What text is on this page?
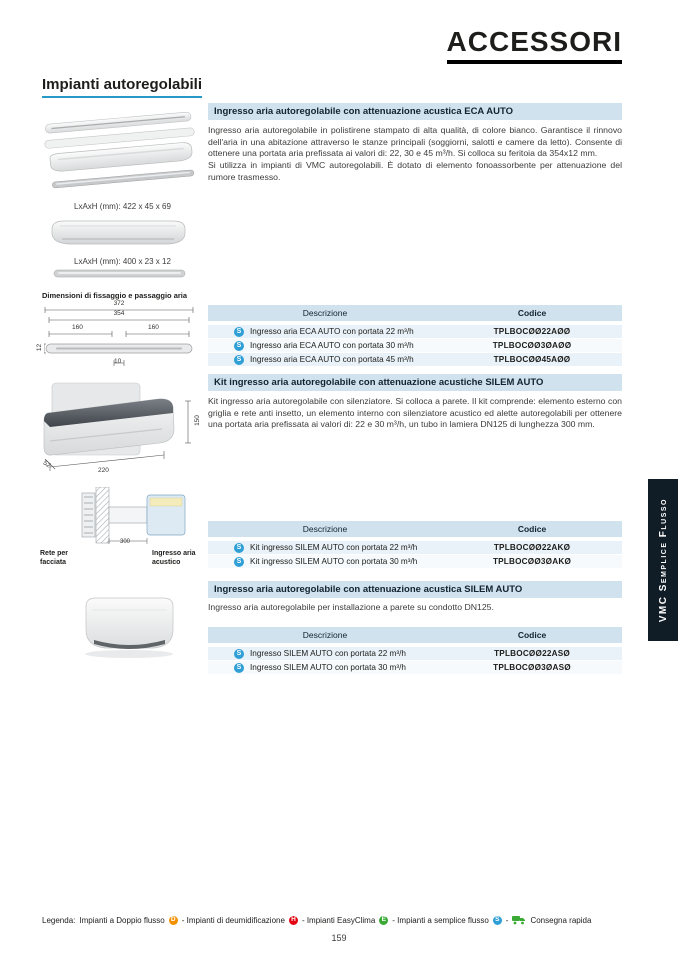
ACCESSORI
Impianti autoregolabili
Ingresso aria autoregolabile con attenuazione acustica ECA AUTO

Ingresso aria autoregolabile in polistirene stampato di alta qualità, di colore bianco. Garantisce il rinnovo dell'aria in una abitazione attraverso le stanze principali (soggiorni, salotti e camere da letto). Consente di ottenere una portata aria prefissata ai valori di: 22, 30 e 45 m³/h. Si colloca su feritoia da 354x12 mm.

Si utilizza in impianti di VMC autoregolabili. È dotato di elemento fonoassorbente per attenuazione del rumore trasmesso.

LxAxH (mm): 422 x 45 x 69
LxAxH (mm): 400 x 23 x 12
Dimensioni di fissaggio e passaggio aria
372
354
160	160
10
12
Descrizione	Codice
S	Ingresso aria ECA AUTO con portata 22 m³/h	TPLBOCØØ22AØØ
S	Ingresso aria ECA AUTO con portata 30 m³/h	TPLBOCØØ3ØAØØ
S	Ingresso aria ECA AUTO con portata 45 m³/h	TPLBOCØØ45AØØ
Kit ingresso aria autoregolabile con attenuazione acustiche SILEM AUTO

Kit ingresso aria autoregolabile con silenziatore. Si colloca a parete. Il kit comprende: elemento esterno con griglia e rete anti insetto, un elemento interno con silenziatore acustico ed alette autoregolabili per ottenere una portata aria prefissata ai valori di: 22 e 30 m³/h, un tubo in lamiera DN125 di lunghezza 300 mm.

150
220
52
300
Rete per facciata
Ingresso aria acustico
Descrizione	Codice
S	Kit ingresso SILEM AUTO con portata 22 m³/h	TPLBOCØØ22AKØ
S	Kit ingresso SILEM AUTO con portata 30 m³/h	TPLBOCØØ3ØAKØ
Ingresso aria autoregolabile con attenuazione acustica SILEM AUTO

Ingresso aria autoregolabile per installazione a parete su condotto DN125.

Descrizione	Codice
S	Ingresso SILEM AUTO con portata 22 m³/h	TPLBOCØØ22ASØ
S	Ingresso SILEM AUTO con portata 30 m³/h	TPLBOCØØ3ØASØ
VMC Semplice Flusso
Legenda: Impianti a Doppio flusso D - Impianti di deumidificazione H - Impianti EasyClima E - Impianti a semplice flusso S -	Consegna rapida
159
